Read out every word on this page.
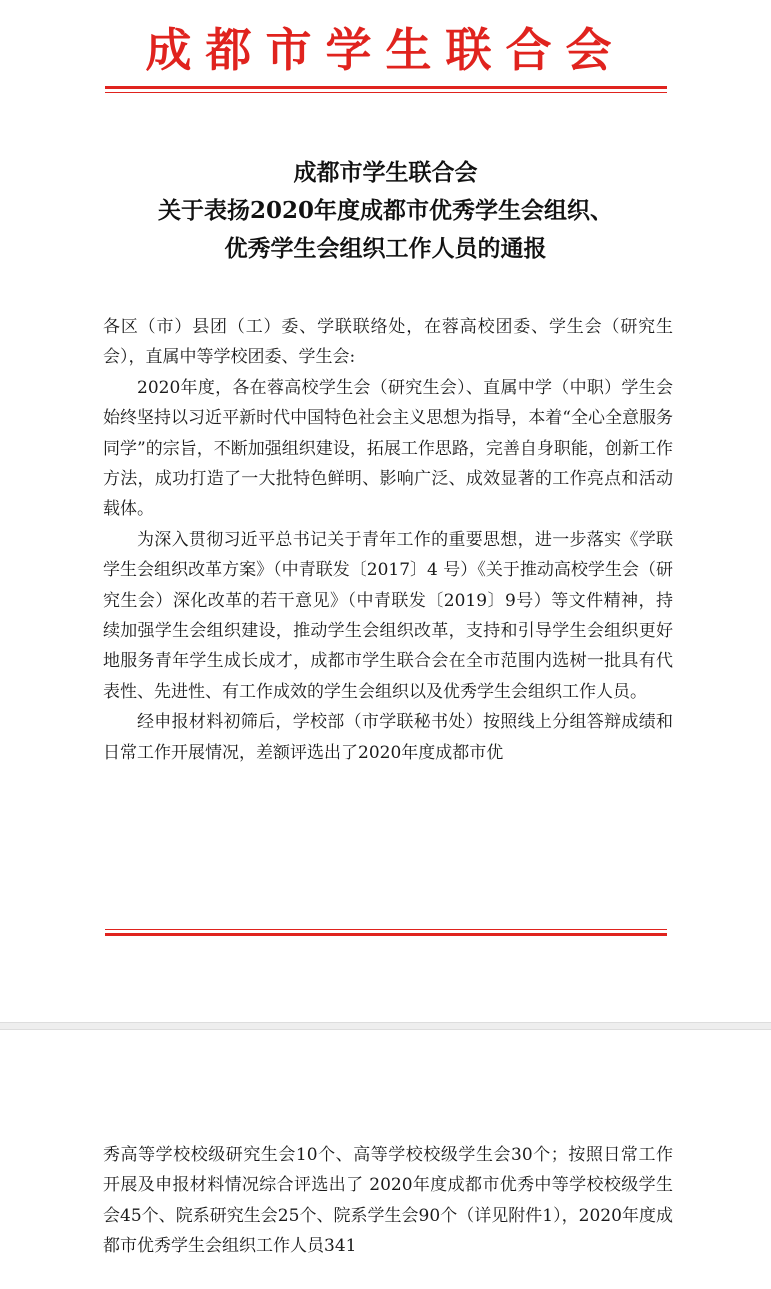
成都市学生联合会
成都市学生联合会
关于表扬2020年度成都市优秀学生会组织、
优秀学生会组织工作人员的通报

各区（市）县团（工）委、学联联络处，在蓉高校团委、学生会（研究生会），直属中等学校团委、学生会:

2020年度，各在蓉高校学生会（研究生会）、直属中学（中职）学生会始终坚持以习近平新时代中国特色社会主义思想为指导，本着“全心全意服务同学”的宗旨，不断加强组织建设，拓展工作思路，完善自身职能，创新工作方法，成功打造了一大批特色鲜明、影响广泛、成效显著的工作亮点和活动载体。

为深入贯彻习近平总书记关于青年工作的重要思想，进一步落实《学联学生会组织改革方案》（中青联发〔2017〕4 号）《关于推动高校学生会（研究生会）深化改革的若干意见》（中青联发〔2019〕9号）等文件精神，持续加强学生会组织建设，推动学生会组织改革，支持和引导学生会组织更好地服务青年学生成长成才，成都市学生联合会在全市范围内选树一批具有代表性、先进性、有工作成效的学生会组织以及优秀学生会组织工作人员。

经申报材料初筛后，学校部（市学联秘书处）按照线上分组答辩成绩和日常工作开展情况，差额评选出了2020年度成都市优

秀高等学校校级研究生会10个、高等学校校级学生会30个；按照日常工作开展及申报材料情况综合评选出了 2020年度成都市优秀中等学校校级学生会45个、院系研究生会25个、院系学生会90个（详见附件1），2020年度成都市优秀学生会组织工作人员341
